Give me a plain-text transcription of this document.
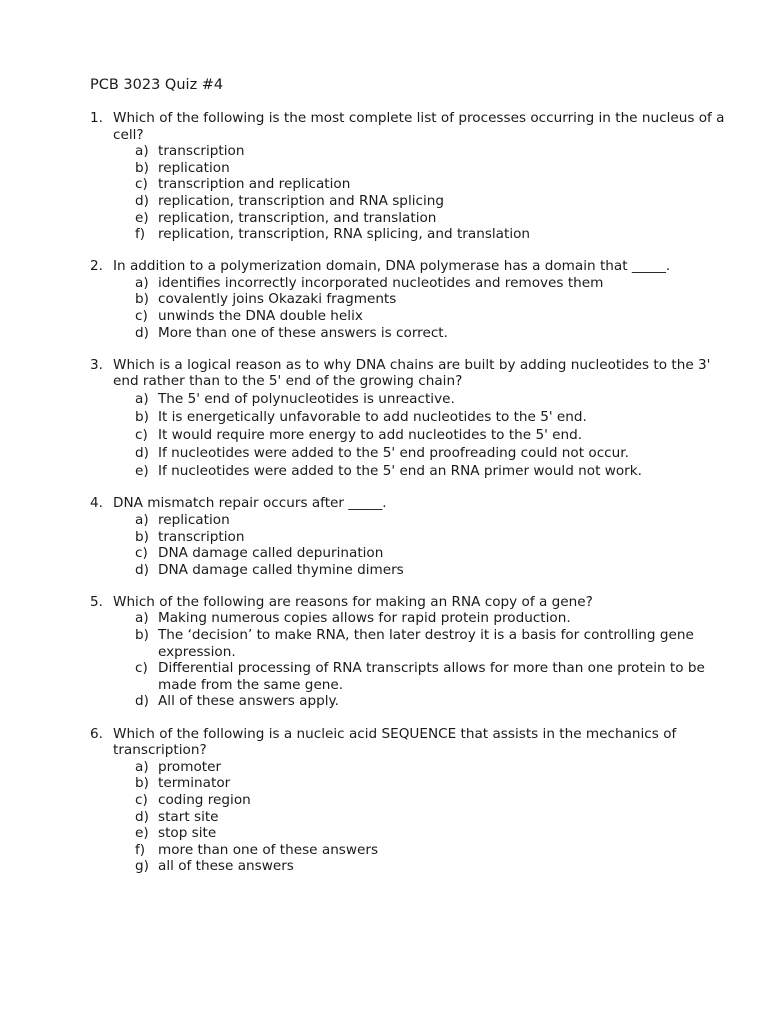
PCB 3023 Quiz #4
1. Which of the following is the most complete list of processes occurring in the nucleus of a cell?
a) transcription
b) replication
c) transcription and replication
d) replication, transcription and RNA splicing
e) replication, transcription, and translation
f) replication, transcription, RNA splicing, and translation
2. In addition to a polymerization domain, DNA polymerase has a domain that _____.
a) identifies incorrectly incorporated nucleotides and removes them
b) covalently joins Okazaki fragments
c) unwinds the DNA double helix
d) More than one of these answers is correct.
3. Which is a logical reason as to why DNA chains are built by adding nucleotides to the 3' end rather than to the 5' end of the growing chain?
a) The 5' end of polynucleotides is unreactive.
b) It is energetically unfavorable to add nucleotides to the 5' end.
c) It would require more energy to add nucleotides to the 5' end.
d) If nucleotides were added to the 5' end proofreading could not occur.
e) If nucleotides were added to the 5' end an RNA primer would not work.
4. DNA mismatch repair occurs after _____.
a) replication
b) transcription
c) DNA damage called depurination
d) DNA damage called thymine dimers
5. Which of the following are reasons for making an RNA copy of a gene?
a) Making numerous copies allows for rapid protein production.
b) The ‘decision’ to make RNA, then later destroy it is a basis for controlling gene expression.
c) Differential processing of RNA transcripts allows for more than one protein to be made from the same gene.
d) All of these answers apply.
6. Which of the following is a nucleic acid SEQUENCE that assists in the mechanics of transcription?
a) promoter
b) terminator
c) coding region
d) start site
e) stop site
f) more than one of these answers
g) all of these answers
